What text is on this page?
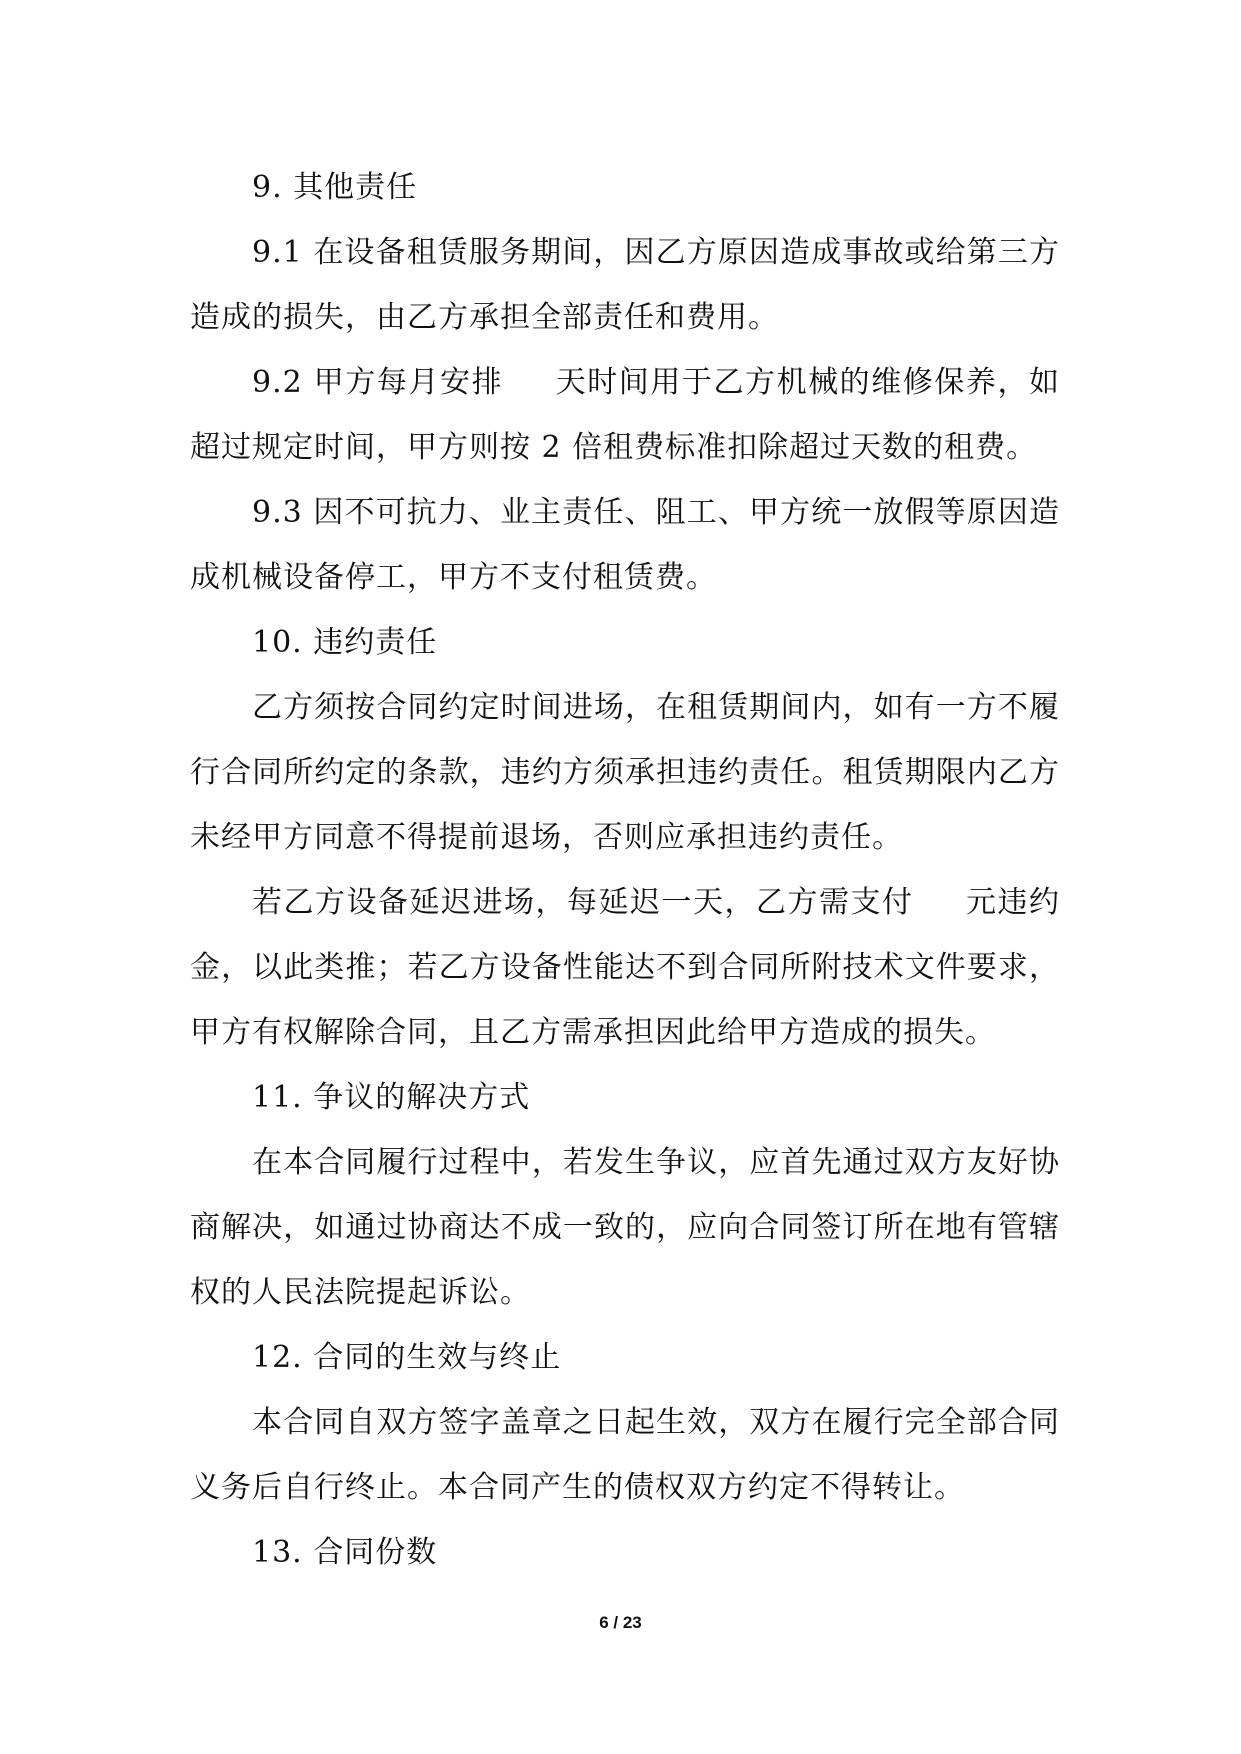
9. 其他责任

9.1 在设备租赁服务期间，因乙方原因造成事故或给第三方造成的损失，由乙方承担全部责任和费用。

9.2 甲方每月安排 天时间用于乙方机械的维修保养，如超过规定时间，甲方则按 2 倍租费标准扣除超过天数的租费。

9.3 因不可抗力、业主责任、阻工、甲方统一放假等原因造成机械设备停工，甲方不支付租赁费。

10. 违约责任

乙方须按合同约定时间进场，在租赁期间内，如有一方不履行合同所约定的条款，违约方须承担违约责任。租赁期限内乙方未经甲方同意不得提前退场，否则应承担违约责任。

若乙方设备延迟进场，每延迟一天，乙方需支付 元违约金，以此类推；若乙方设备性能达不到合同所附技术文件要求，甲方有权解除合同，且乙方需承担因此给甲方造成的损失。

11. 争议的解决方式

在本合同履行过程中，若发生争议，应首先通过双方友好协商解决，如通过协商达不成一致的，应向合同签订所在地有管辖权的人民法院提起诉讼。

12. 合同的生效与终止

本合同自双方签字盖章之日起生效，双方在履行完全部合同义务后自行终止。本合同产生的债权双方约定不得转让。

13. 合同份数

6 / 23
